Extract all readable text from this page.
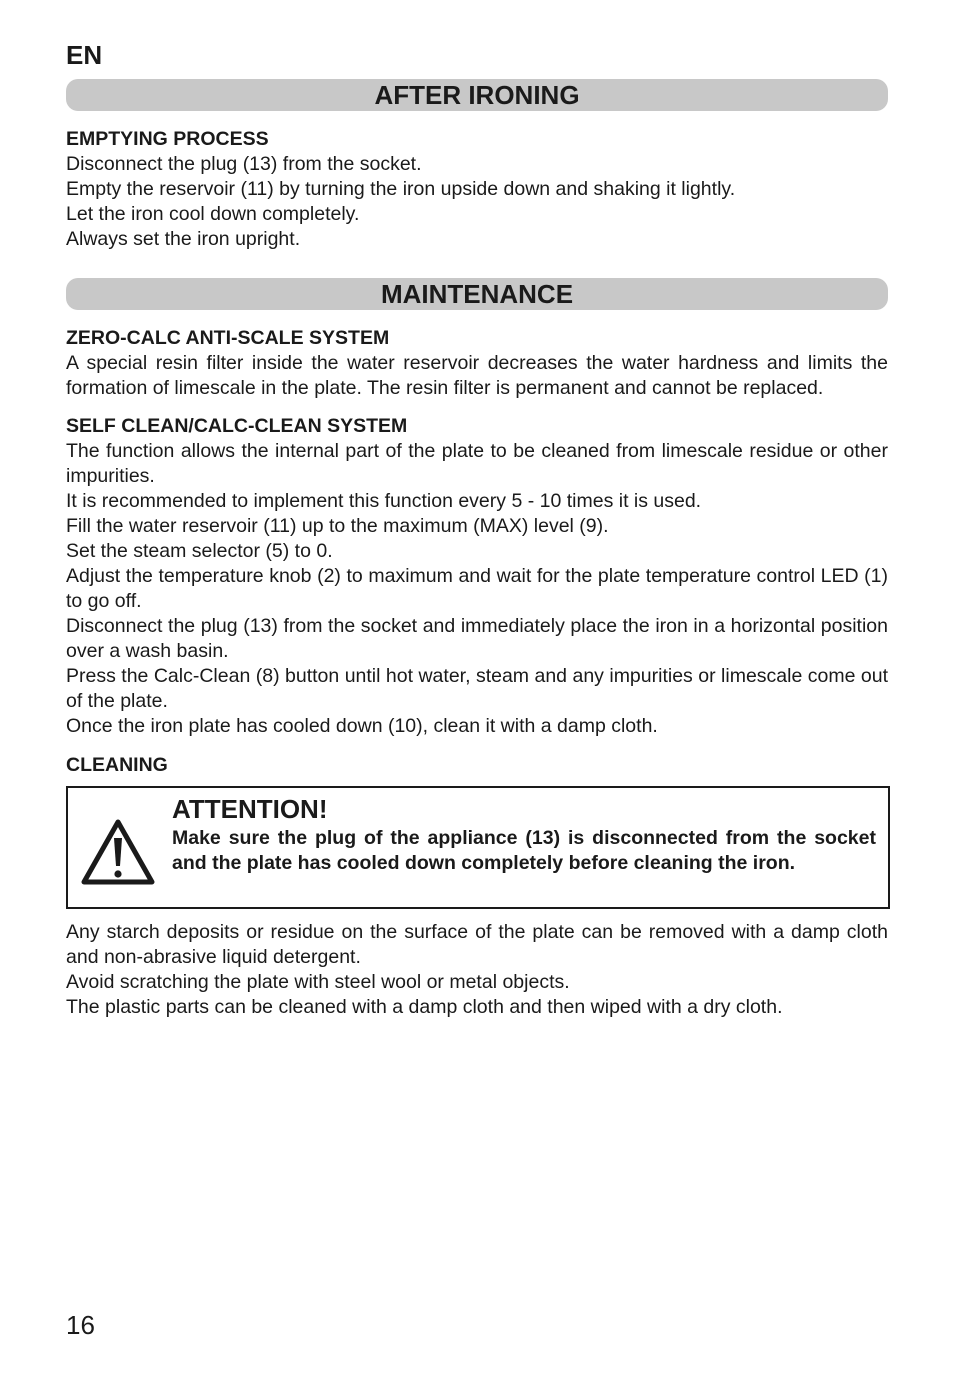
EN

AFTER IRONING

EMPTYING PROCESS

Disconnect the plug (13) from the socket.

Empty the reservoir (11) by turning the iron upside down and shaking it lightly.

Let the iron cool down completely.

Always set the iron upright.

MAINTENANCE

ZERO-CALC ANTI-SCALE SYSTEM

A special resin filter inside the water reservoir decreases the water hardness and limits the formation of limescale in the plate. The resin filter is permanent and cannot be replaced.

SELF CLEAN/CALC-CLEAN SYSTEM

The function allows the internal part of the plate to be cleaned from limescale residue or other impurities.

It is recommended to implement this function every 5 - 10 times it is used.

Fill the water reservoir (11) up to the maximum (MAX) level (9).

Set the steam selector (5) to 0.

Adjust the temperature knob (2) to maximum and wait for the plate temperature control LED (1) to go off.

Disconnect the plug (13) from the socket and immediately place the iron in a horizontal position over a wash basin.

Press the Calc-Clean (8) button until hot water, steam and any impurities or limescale come out of the plate.

Once the iron plate has cooled down (10), clean it with a damp cloth.

CLEANING

ATTENTION!

Make sure the plug of the appliance (13) is disconnected from the socket and the plate has cooled down completely before cleaning the iron.

Any starch deposits or residue on the surface of the plate can be removed with a damp cloth and non-abrasive liquid detergent.

Avoid scratching the plate with steel wool or metal objects.

The plastic parts can be cleaned with a damp cloth and then wiped with a dry cloth.

16
